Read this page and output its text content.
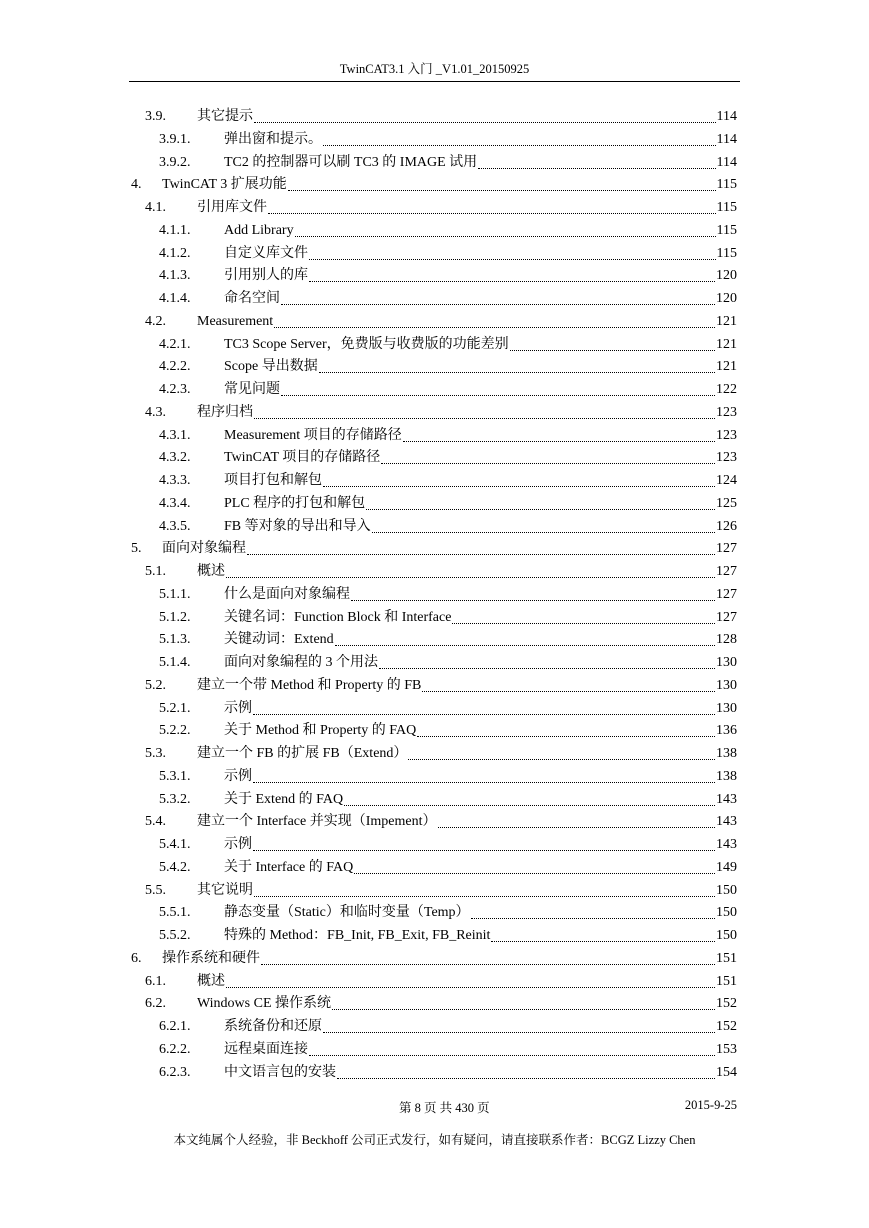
TwinCAT3.1 入门 _V1.01_20150925
3.9.	其它提示	114
3.9.1.	弹出窗和提示。	114
3.9.2.	TC2 的控制器可以刷 TC3 的 IMAGE 试用	114
4.	TwinCAT 3 扩展功能	115
4.1.	引用库文件	115
4.1.1.	Add Library	115
4.1.2.	自定义库文件	115
4.1.3.	引用别人的库	120
4.1.4.	命名空间	120
4.2.	Measurement	121
4.2.1.	TC3 Scope Server，免费版与收费版的功能差别	121
4.2.2.	Scope 导出数据	121
4.2.3.	常见问题	122
4.3.	程序归档	123
4.3.1.	Measurement 项目的存储路径	123
4.3.2.	TwinCAT 项目的存储路径	123
4.3.3.	项目打包和解包	124
4.3.4.	PLC 程序的打包和解包	125
4.3.5.	FB 等对象的导出和导入	126
5.	面向对象编程	127
5.1.	概述	127
5.1.1.	什么是面向对象编程	127
5.1.2.	关键名词：Function Block 和 Interface	127
5.1.3.	关键动词：Extend	128
5.1.4.	面向对象编程的 3 个用法	130
5.2.	建立一个带 Method 和 Property 的 FB	130
5.2.1.	示例	130
5.2.2.	关于 Method 和 Property 的 FAQ	136
5.3.	建立一个 FB 的扩展 FB（Extend）	138
5.3.1.	示例	138
5.3.2.	关于 Extend 的 FAQ	143
5.4.	建立一个 Interface 并实现（Impement）	143
5.4.1.	示例	143
5.4.2.	关于 Interface 的 FAQ	149
5.5.	其它说明	150
5.5.1.	静态变量（Static）和临时变量（Temp）	150
5.5.2.	特殊的 Method：FB_Init, FB_Exit, FB_Reinit	150
6.	操作系统和硬件	151
6.1.	概述	151
6.2.	Windows CE 操作系统	152
6.2.1.	系统备份和还原	152
6.2.2.	远程桌面连接	153
6.2.3.	中文语言包的安装	154
第 8 页 共 430 页	2015-9-25
本文纯属个人经验，非 Beckhoff 公司正式发行，如有疑问，请直接联系作者：BCGZ Lizzy Chen
